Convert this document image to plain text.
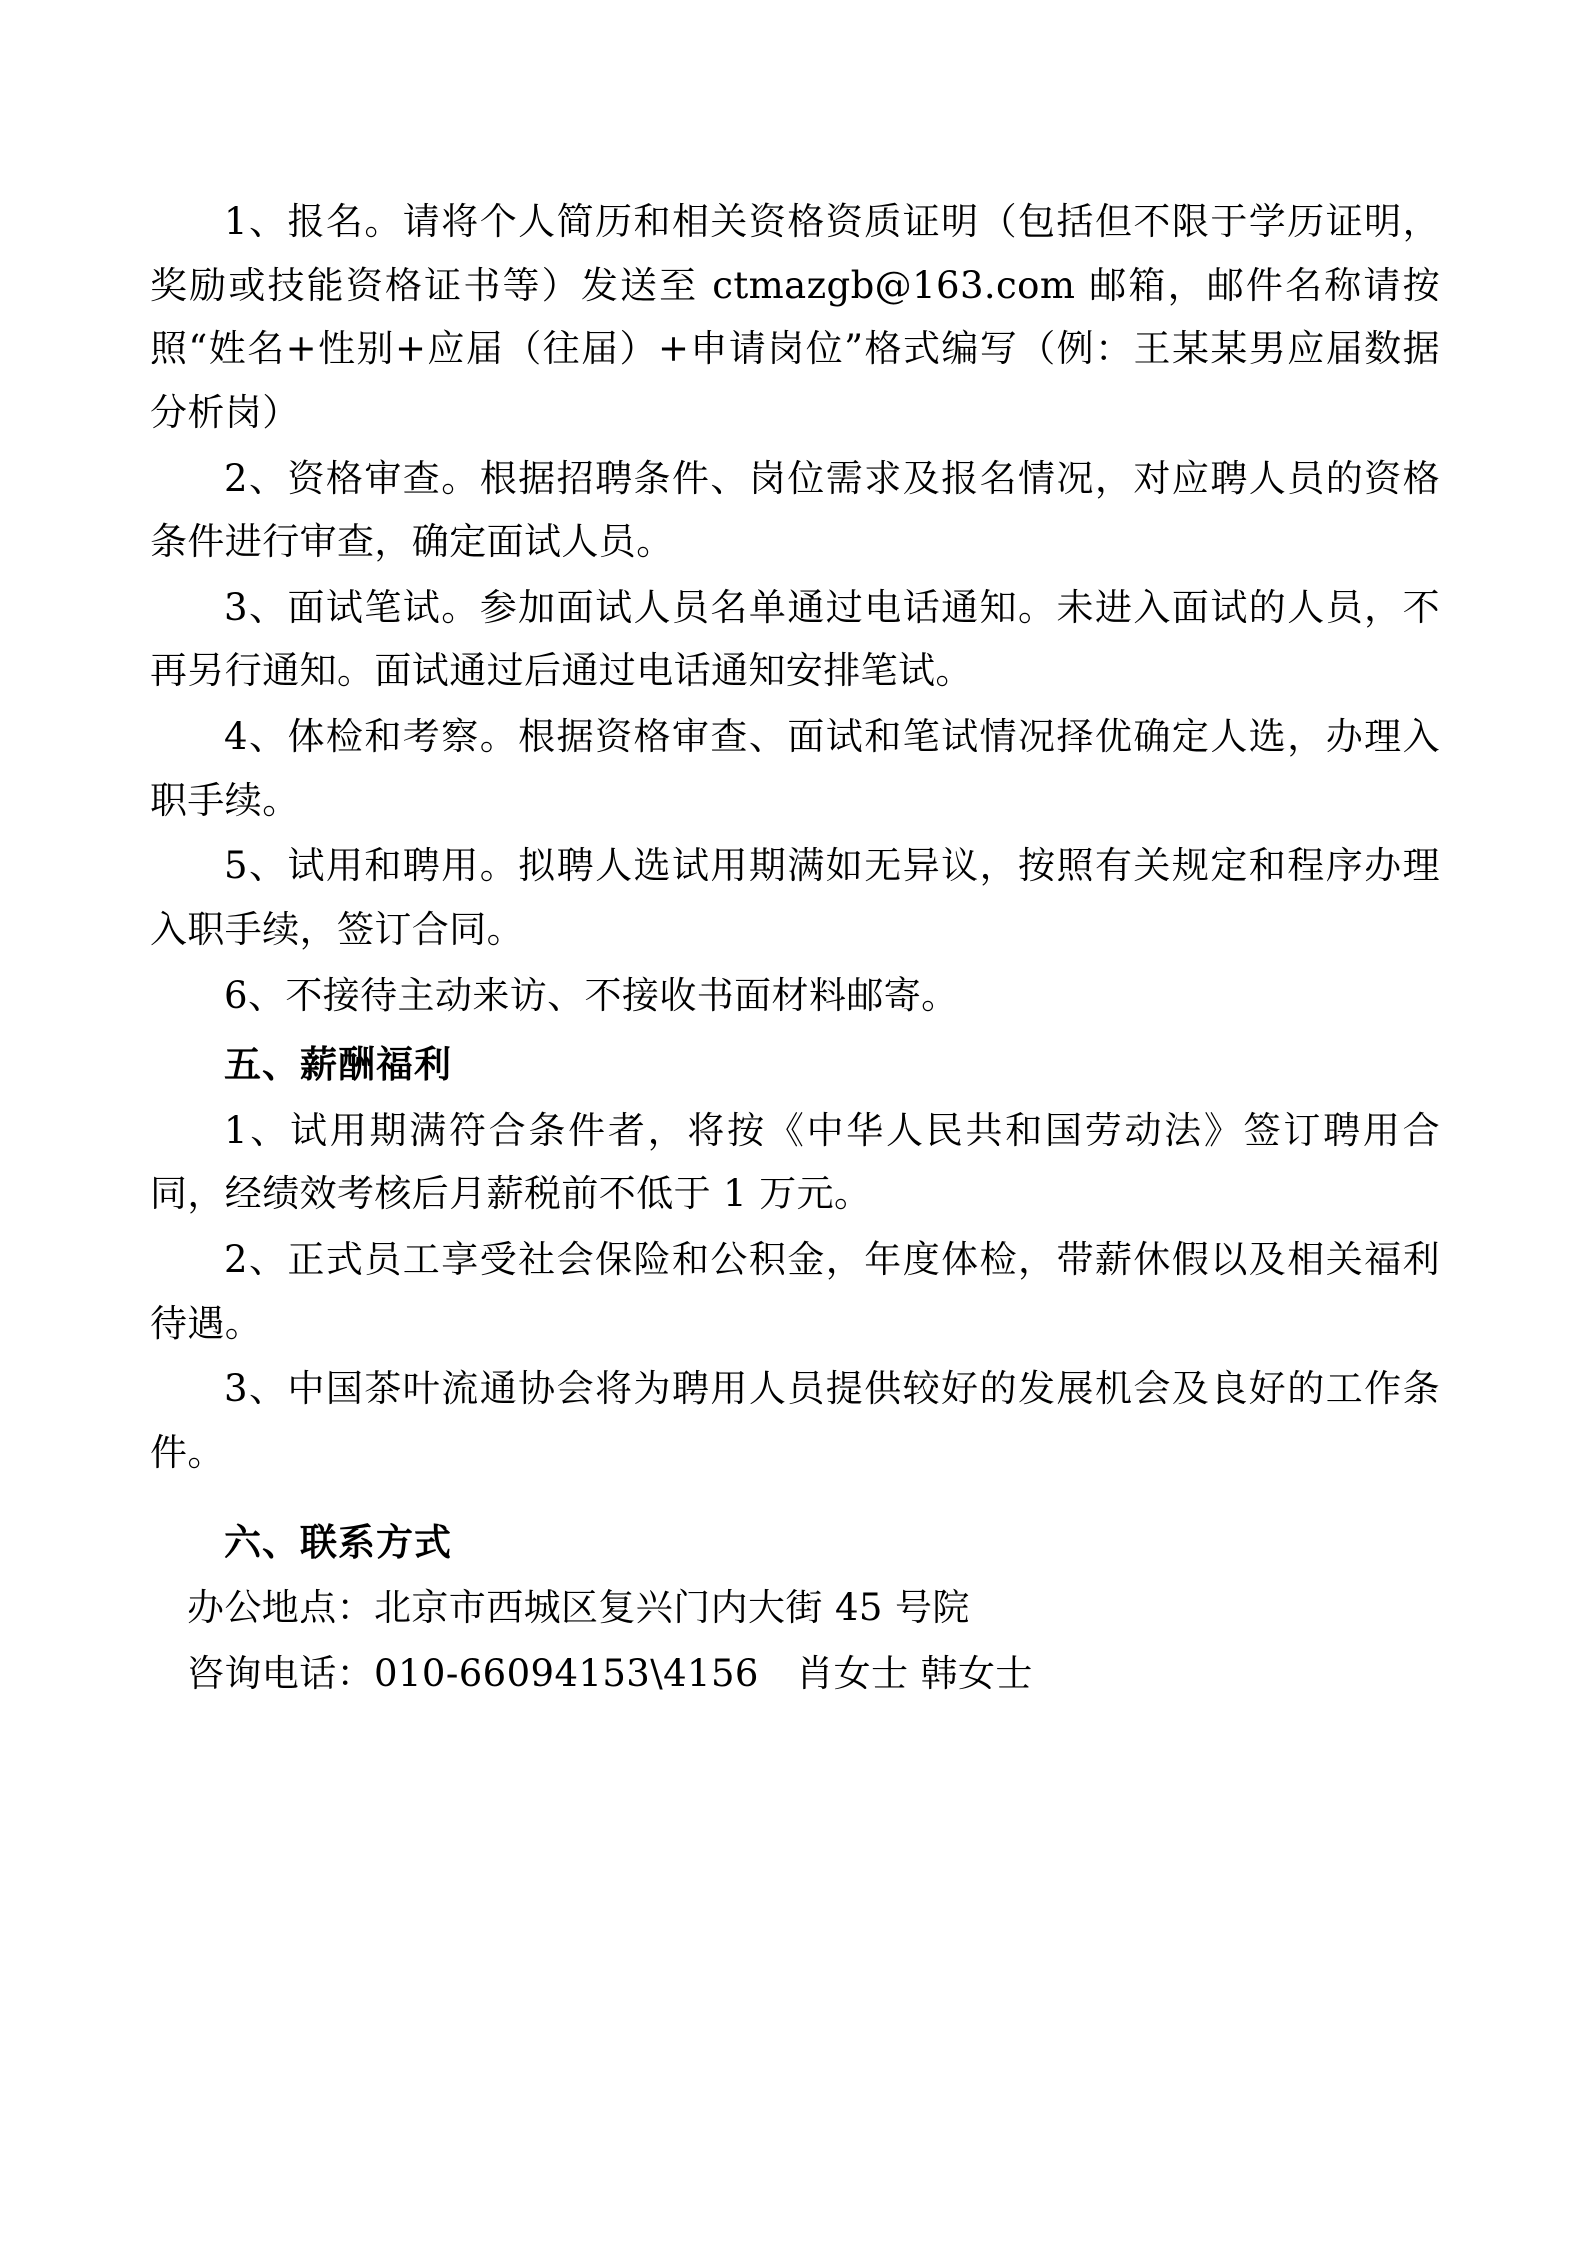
1、报名。请将个人简历和相关资格资质证明（包括但不限于学历证明，奖励或技能资格证书等）发送至 ctmazgb@163.com 邮箱，邮件名称请按照“姓名+性别+应届（往届）+申请岗位”格式编写（例：王某某男应届数据分析岗）

2、资格审查。根据招聘条件、岗位需求及报名情况，对应聘人员的资格条件进行审查，确定面试人员。

3、面试笔试。参加面试人员名单通过电话通知。未进入面试的人员，不再另行通知。面试通过后通过电话通知安排笔试。

4、体检和考察。根据资格审查、面试和笔试情况择优确定人选，办理入职手续。

5、试用和聘用。拟聘人选试用期满如无异议，按照有关规定和程序办理入职手续，签订合同。

6、不接待主动来访、不接收书面材料邮寄。

五、薪酬福利

1、试用期满符合条件者，将按《中华人民共和国劳动法》签订聘用合同，经绩效考核后月薪税前不低于 1 万元。

2、正式员工享受社会保险和公积金，年度体检，带薪休假以及相关福利待遇。

3、中国茶叶流通协会将为聘用人员提供较好的发展机会及良好的工作条件。

六、联系方式

办公地点：北京市西城区复兴门内大街 45 号院

咨询电话：010-66094153\4156　肖女士 韩女士
